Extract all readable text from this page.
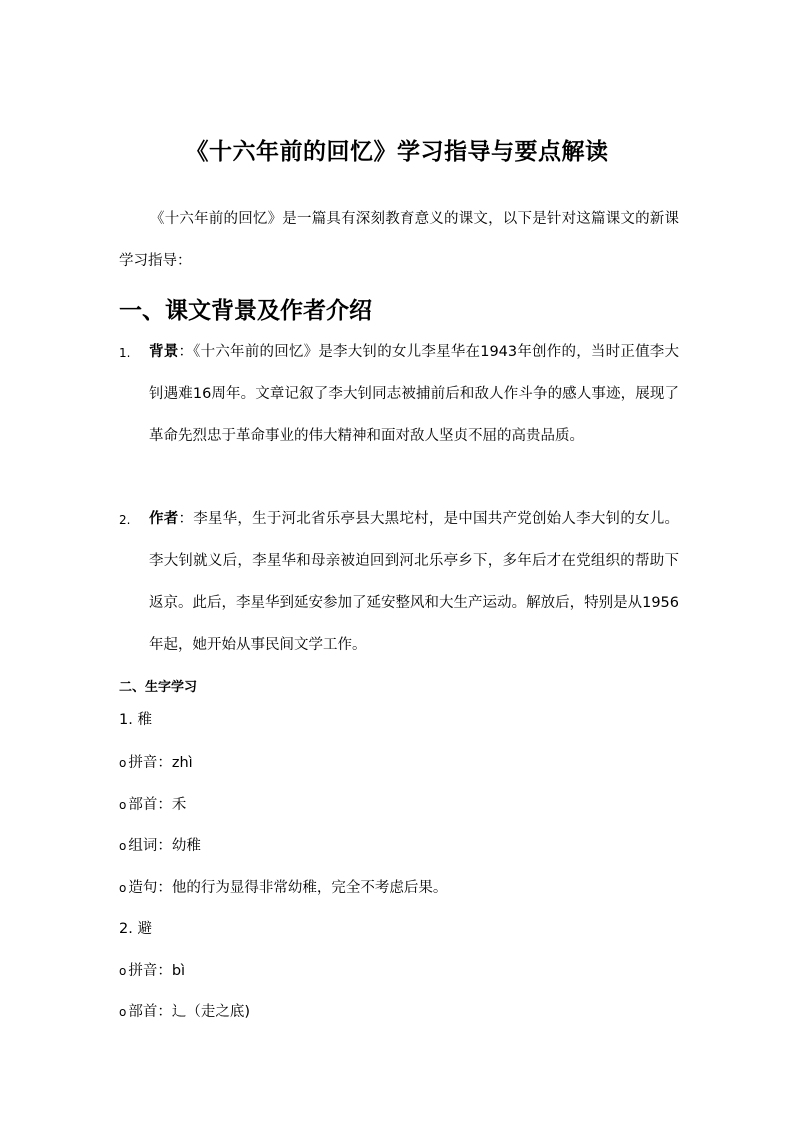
《十六年前的回忆》学习指导与要点解读
《十六年前的回忆》是一篇具有深刻教育意义的课文，以下是针对这篇课文的新课学习指导：
一、课文背景及作者介绍
1. 背景：《十六年前的回忆》是李大钊的女儿李星华在1943年创作的，当时正值李大钊遇难16周年。文章记叙了李大钊同志被捕前后和敌人作斗争的感人事迹，展现了革命先烈忠于革命事业的伟大精神和面对敌人坚贞不屈的高贵品质。
2. 作者：李星华，生于河北省乐亭县大黑坨村，是中国共产党创始人李大钊的女儿。李大钊就义后，李星华和母亲被迫回到河北乐亭乡下，多年后才在党组织的帮助下返京。此后，李星华到延安参加了延安整风和大生产运动。解放后，特别是从1956年起，她开始从事民间文学工作。
二、生字学习
1. 稚
o 拼音：zhì
o 部首：禾
o 组词：幼稚
o 造句：他的行为显得非常幼稚，完全不考虑后果。
2. 避
o 拼音：bì
o 部首：辶（走之底)
